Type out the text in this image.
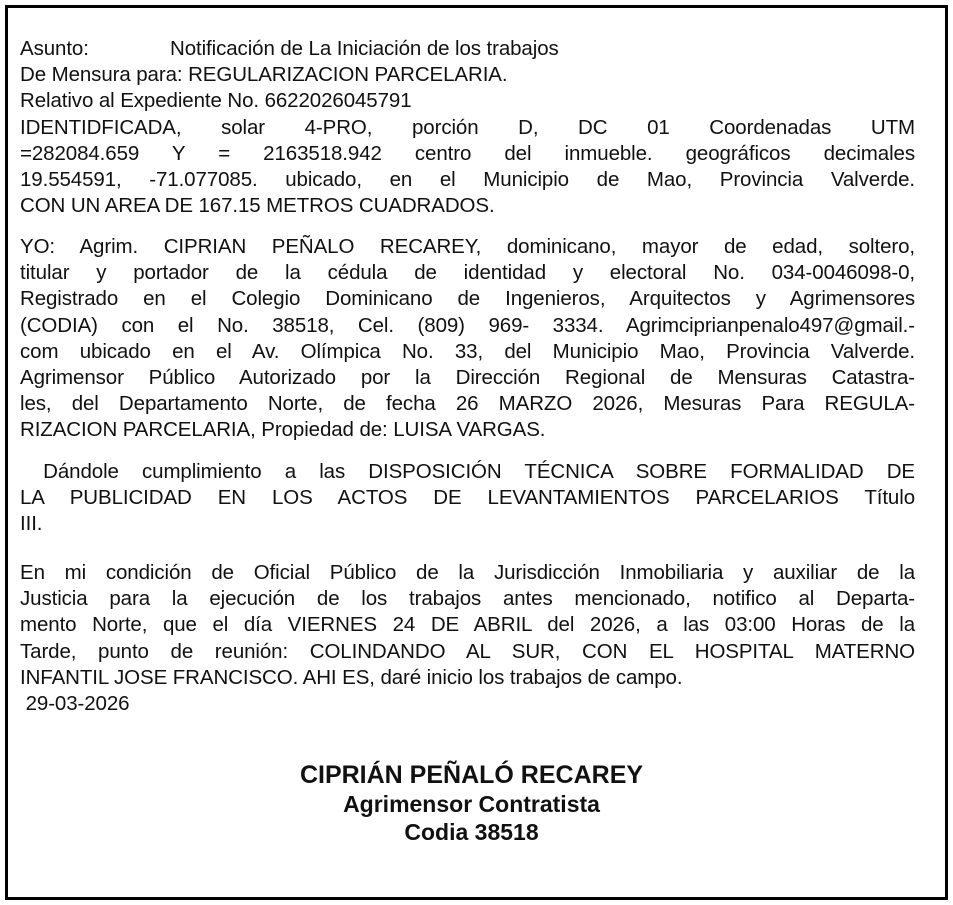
Asunto:	Notificación de La Iniciación de los trabajos
De Mensura para: REGULARIZACION PARCELARIA.
Relativo al Expediente No. 6622026045791
IDENTIDFICADA, solar 4-PRO, porción D, DC 01 Coordenadas UTM
=282084.659 Y = 2163518.942 centro del inmueble. geográficos decimales
19.554591, -71.077085. ubicado, en el Municipio de Mao, Provincia Valverde.
CON UN AREA DE 167.15 METROS CUADRADOS.
YO: Agrim. CIPRIAN PEÑALO RECAREY, dominicano, mayor de edad, soltero,
titular y portador de la cédula de identidad y electoral No. 034-0046098-0,
Registrado en el Colegio Dominicano de Ingenieros, Arquitectos y Agrimensores
(CODIA) con el No. 38518, Cel. (809) 969- 3334. Agrimciprianpenalo497@gmail.-
com ubicado en el Av. Olímpica No. 33, del Municipio Mao, Provincia Valverde.
Agrimensor Público Autorizado por la Dirección Regional de Mensuras Catastra-
les, del Departamento Norte, de fecha 26 MARZO 2026, Mesuras Para REGULA-
RIZACION PARCELARIA, Propiedad de: LUISA VARGAS.
Dándole cumplimiento a las DISPOSICIÓN TÉCNICA SOBRE FORMALIDAD DE
LA PUBLICIDAD EN LOS ACTOS DE LEVANTAMIENTOS PARCELARIOS Título
III.
En mi condición de Oficial Público de la Jurisdicción Inmobiliaria y auxiliar de la
Justicia para la ejecución de los trabajos antes mencionado, notifico al Departa-
mento Norte, que el día VIERNES 24 DE ABRIL del 2026, a las 03:00 Horas de la
Tarde, punto de reunión: COLINDANDO AL SUR, CON EL HOSPITAL MATERNO
INFANTIL JOSE FRANCISCO. AHI ES, daré inicio los trabajos de campo.
29-03-2026
CIPRIÁN PEÑALÓ RECAREY
Agrimensor Contratista
Codia 38518
